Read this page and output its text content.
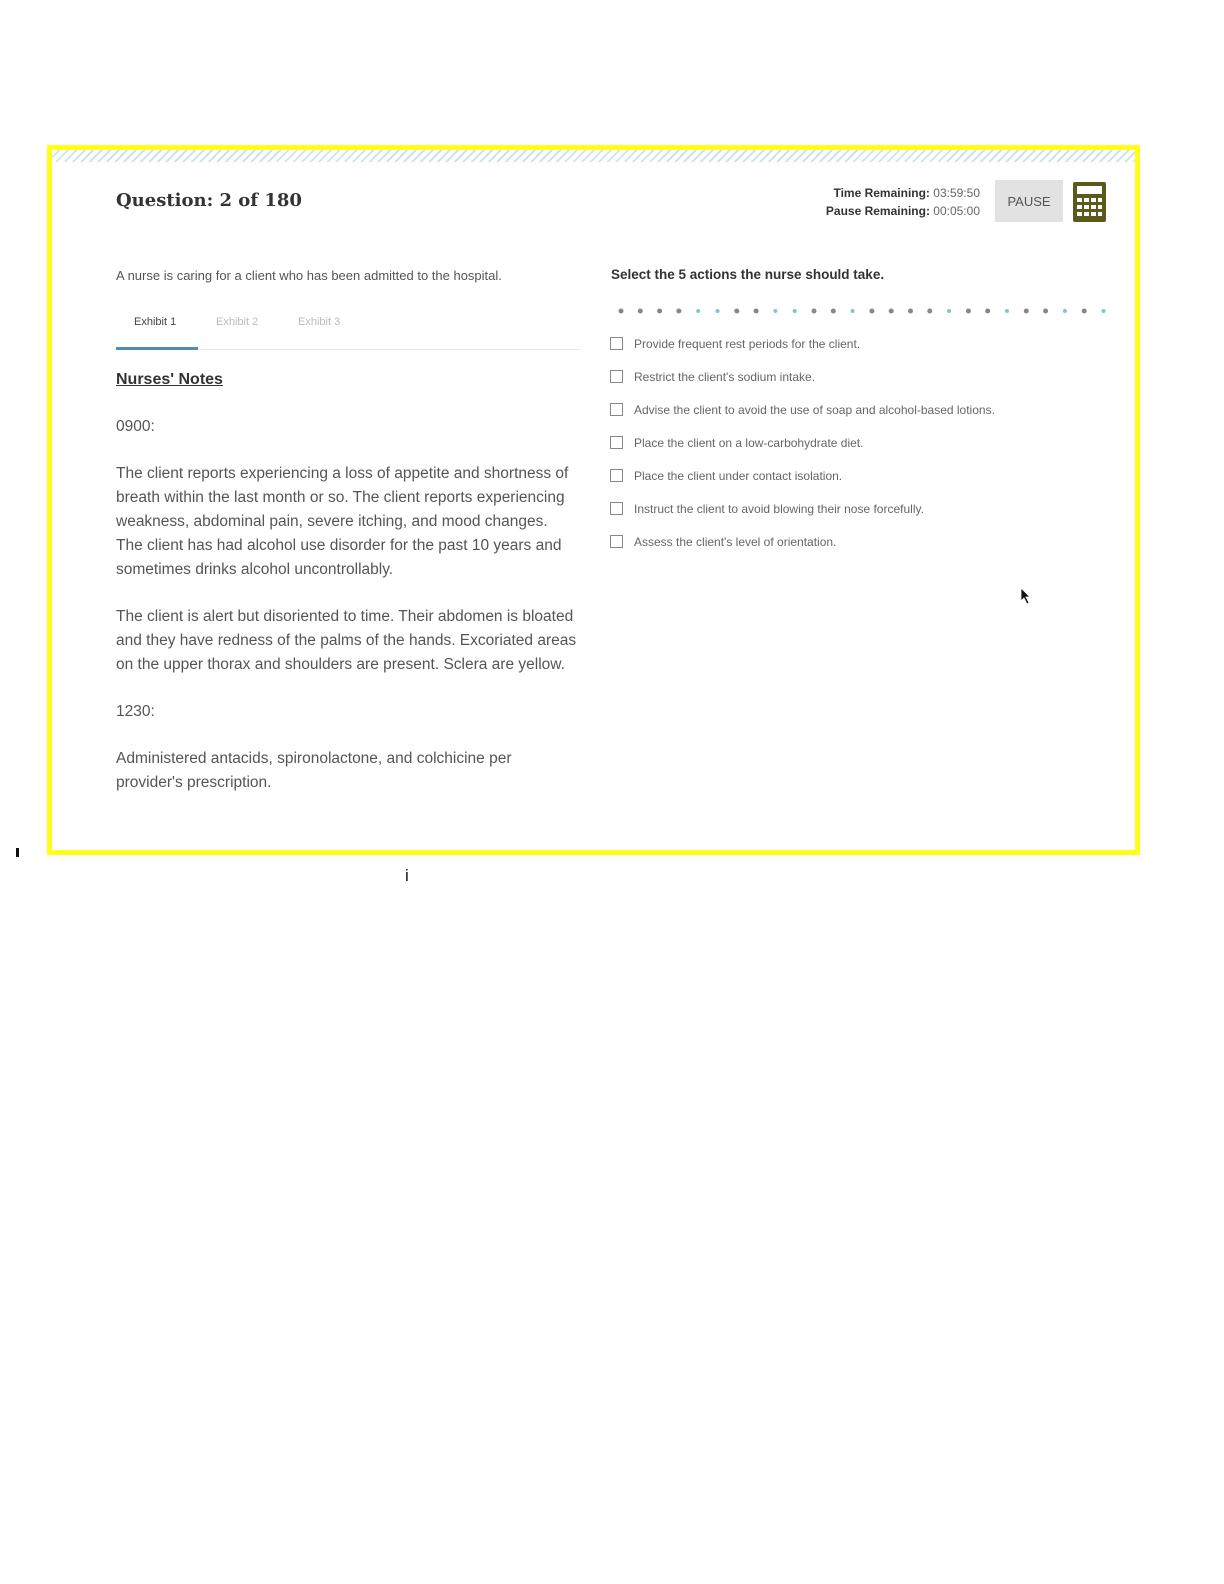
Question: 2 of 180	Time Remaining: 03:59:50
Pause Remaining: 00:05:00
PAUSE
A nurse is caring for a client who has been admitted to the hospital.
Exhibit 1	Exhibit 2	Exhibit 3
Nurses' Notes

0900:

The client reports experiencing a loss of appetite and shortness of breath within the last month or so. The client reports experiencing weakness, abdominal pain, severe itching, and mood changes. The client has had alcohol use disorder for the past 10 years and sometimes drinks alcohol uncontrollably.

The client is alert but disoriented to time. Their abdomen is bloated and they have redness of the palms of the hands. Excoriated areas on the upper thorax and shoulders are present. Sclera are yellow.

1230:

Administered antacids, spironolactone, and colchicine per provider's prescription.

Select the 5 actions the nurse should take.
Provide frequent rest periods for the client.
Restrict the client's sodium intake.
Advise the client to avoid the use of soap and alcohol-based lotions.
Place the client on a low-carbohydrate diet.
Place the client under contact isolation.
Instruct the client to avoid blowing their nose forcefully.
Assess the client's level of orientation.
i
